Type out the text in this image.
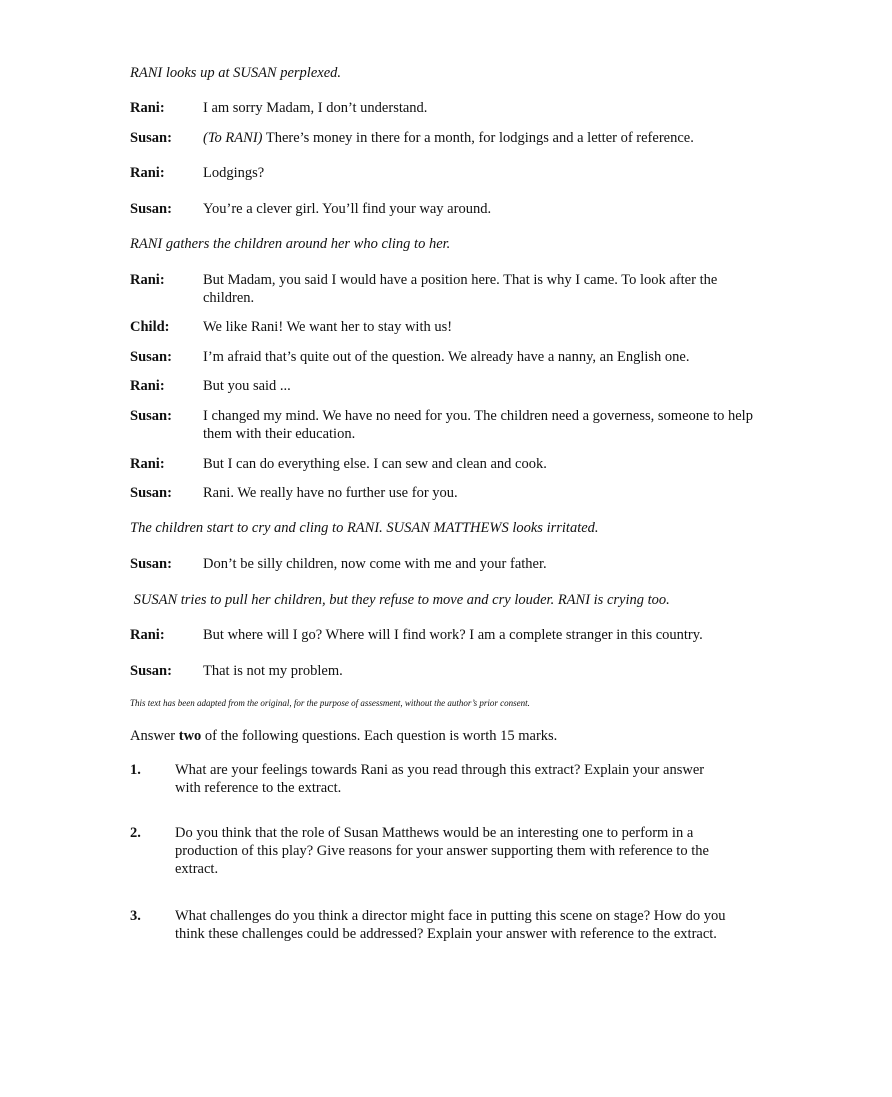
RANI looks up at SUSAN perplexed.
Rani:	I am sorry Madam, I don’t understand.
Susan:	(To RANI) There’s money in there for a month, for lodgings and a letter of reference.
Rani:	Lodgings?
Susan:	You’re a clever girl. You’ll find your way around.
RANI gathers the children around her who cling to her.
Rani:	But Madam, you said I would have a position here. That is why I came. To look after the children.
Child:	We like Rani! We want her to stay with us!
Susan:	I’m afraid that’s quite out of the question. We already have a nanny, an English one.
Rani:	But you said ...
Susan:	I changed my mind. We have no need for you. The children need a governess, someone to help them with their education.
Rani:	But I can do everything else. I can sew and clean and cook.
Susan:	Rani. We really have no further use for you.
The children start to cry and cling to RANI. SUSAN MATTHEWS looks irritated.
Susan:	Don’t be silly children, now come with me and your father.
SUSAN tries to pull her children, but they refuse to move and cry louder. RANI is crying too.
Rani:	But where will I go? Where will I find work? I am a complete stranger in this country.
Susan:	That is not my problem.
This text has been adapted from the original, for the purpose of assessment, without the author’s prior consent.
Answer two of the following questions. Each question is worth 15 marks.
1.	What are your feelings towards Rani as you read through this extract? Explain your answer with reference to the extract.
2.	Do you think that the role of Susan Matthews would be an interesting one to perform in a production of this play? Give reasons for your answer supporting them with reference to the extract.
3.	What challenges do you think a director might face in putting this scene on stage? How do you think these challenges could be addressed? Explain your answer with reference to the extract.
